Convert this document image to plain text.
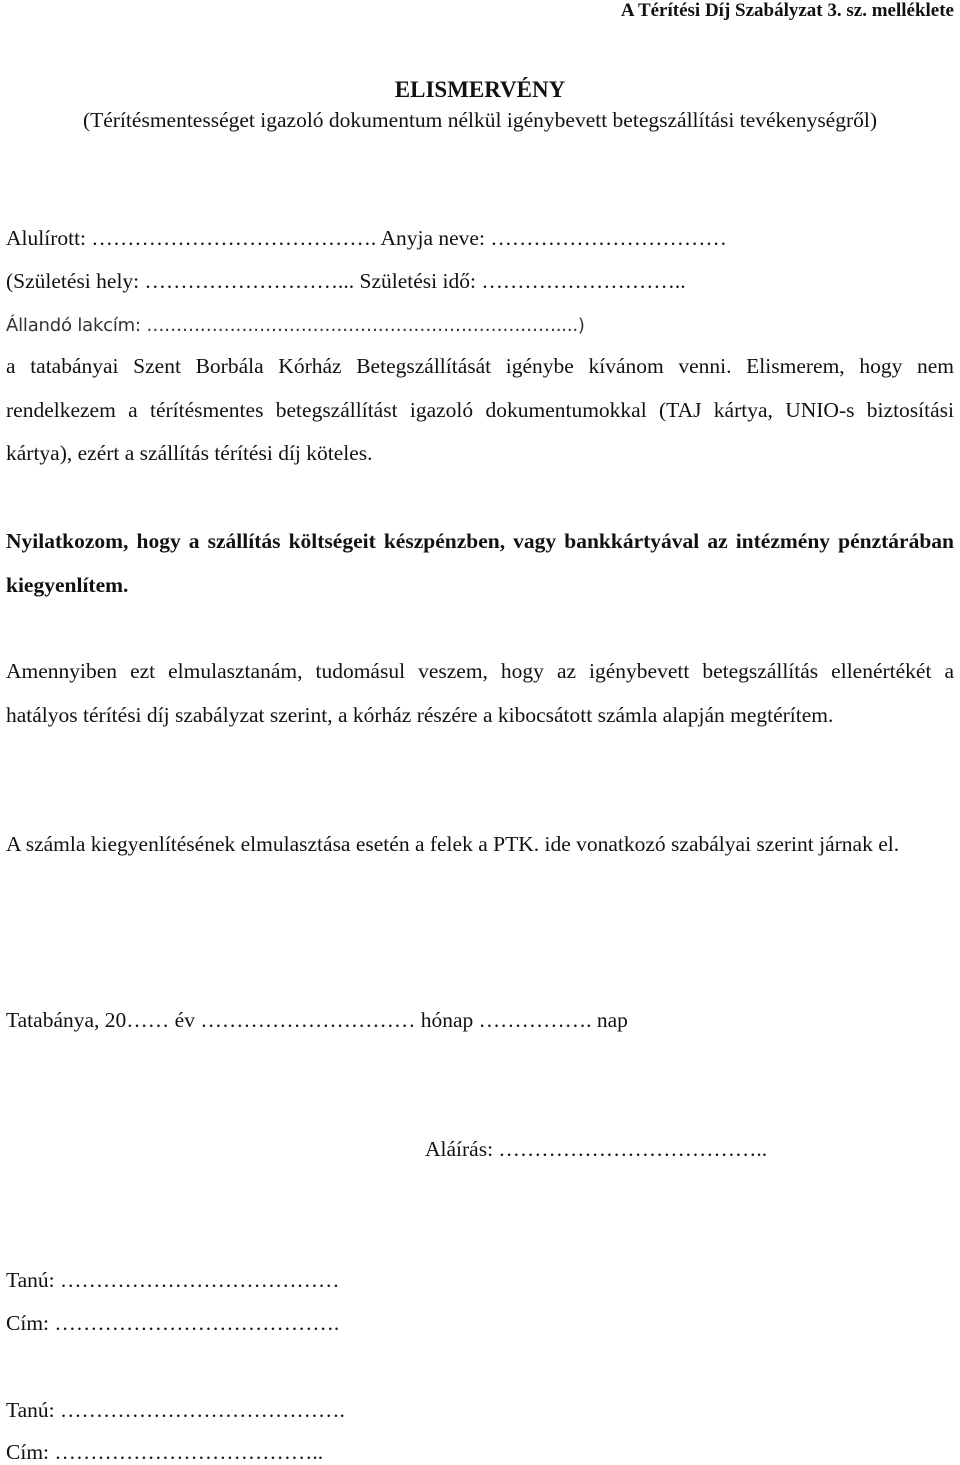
A Térítési Díj Szabályzat 3. sz. melléklete
ELISMERVÉNY
(Térítésmentességet igazoló dokumentum nélkül igénybevett betegszállítási tevékenységről)
Alulírott: …………………………………. Anyja neve: ……………………………
(Születési hely: ………………………... Születési idő: ………………………..
Állandó lakcím: ……………………………………………………………....)
a tatabányai Szent Borbála Kórház Betegszállítását igénybe kívánom venni. Elismerem, hogy nem rendelkezem a térítésmentes betegszállítást igazoló dokumentumokkal (TAJ kártya, UNIO-s biztosítási kártya), ezért a szállítás térítési díj köteles.
Nyilatkozom, hogy a szállítás költségeit készpénzben, vagy bankkártyával az intézmény pénztárában kiegyenlítem.
Amennyiben ezt elmulasztanám, tudomásul veszem, hogy az igénybevett betegszállítás ellenértékét a hatályos térítési díj szabályzat szerint, a kórház részére a kibocsátott számla alapján megtérítem.
A számla kiegyenlítésének elmulasztása esetén a felek a PTK. ide vonatkozó szabályai szerint járnak el.
Tatabánya, 20…… év ………………………… hónap ……………. nap
Aláírás: ………………………………..
Tanú: …………………………………
Cím: ………………………………….
Tanú: ………………………………….
Cím: ………………………………..
